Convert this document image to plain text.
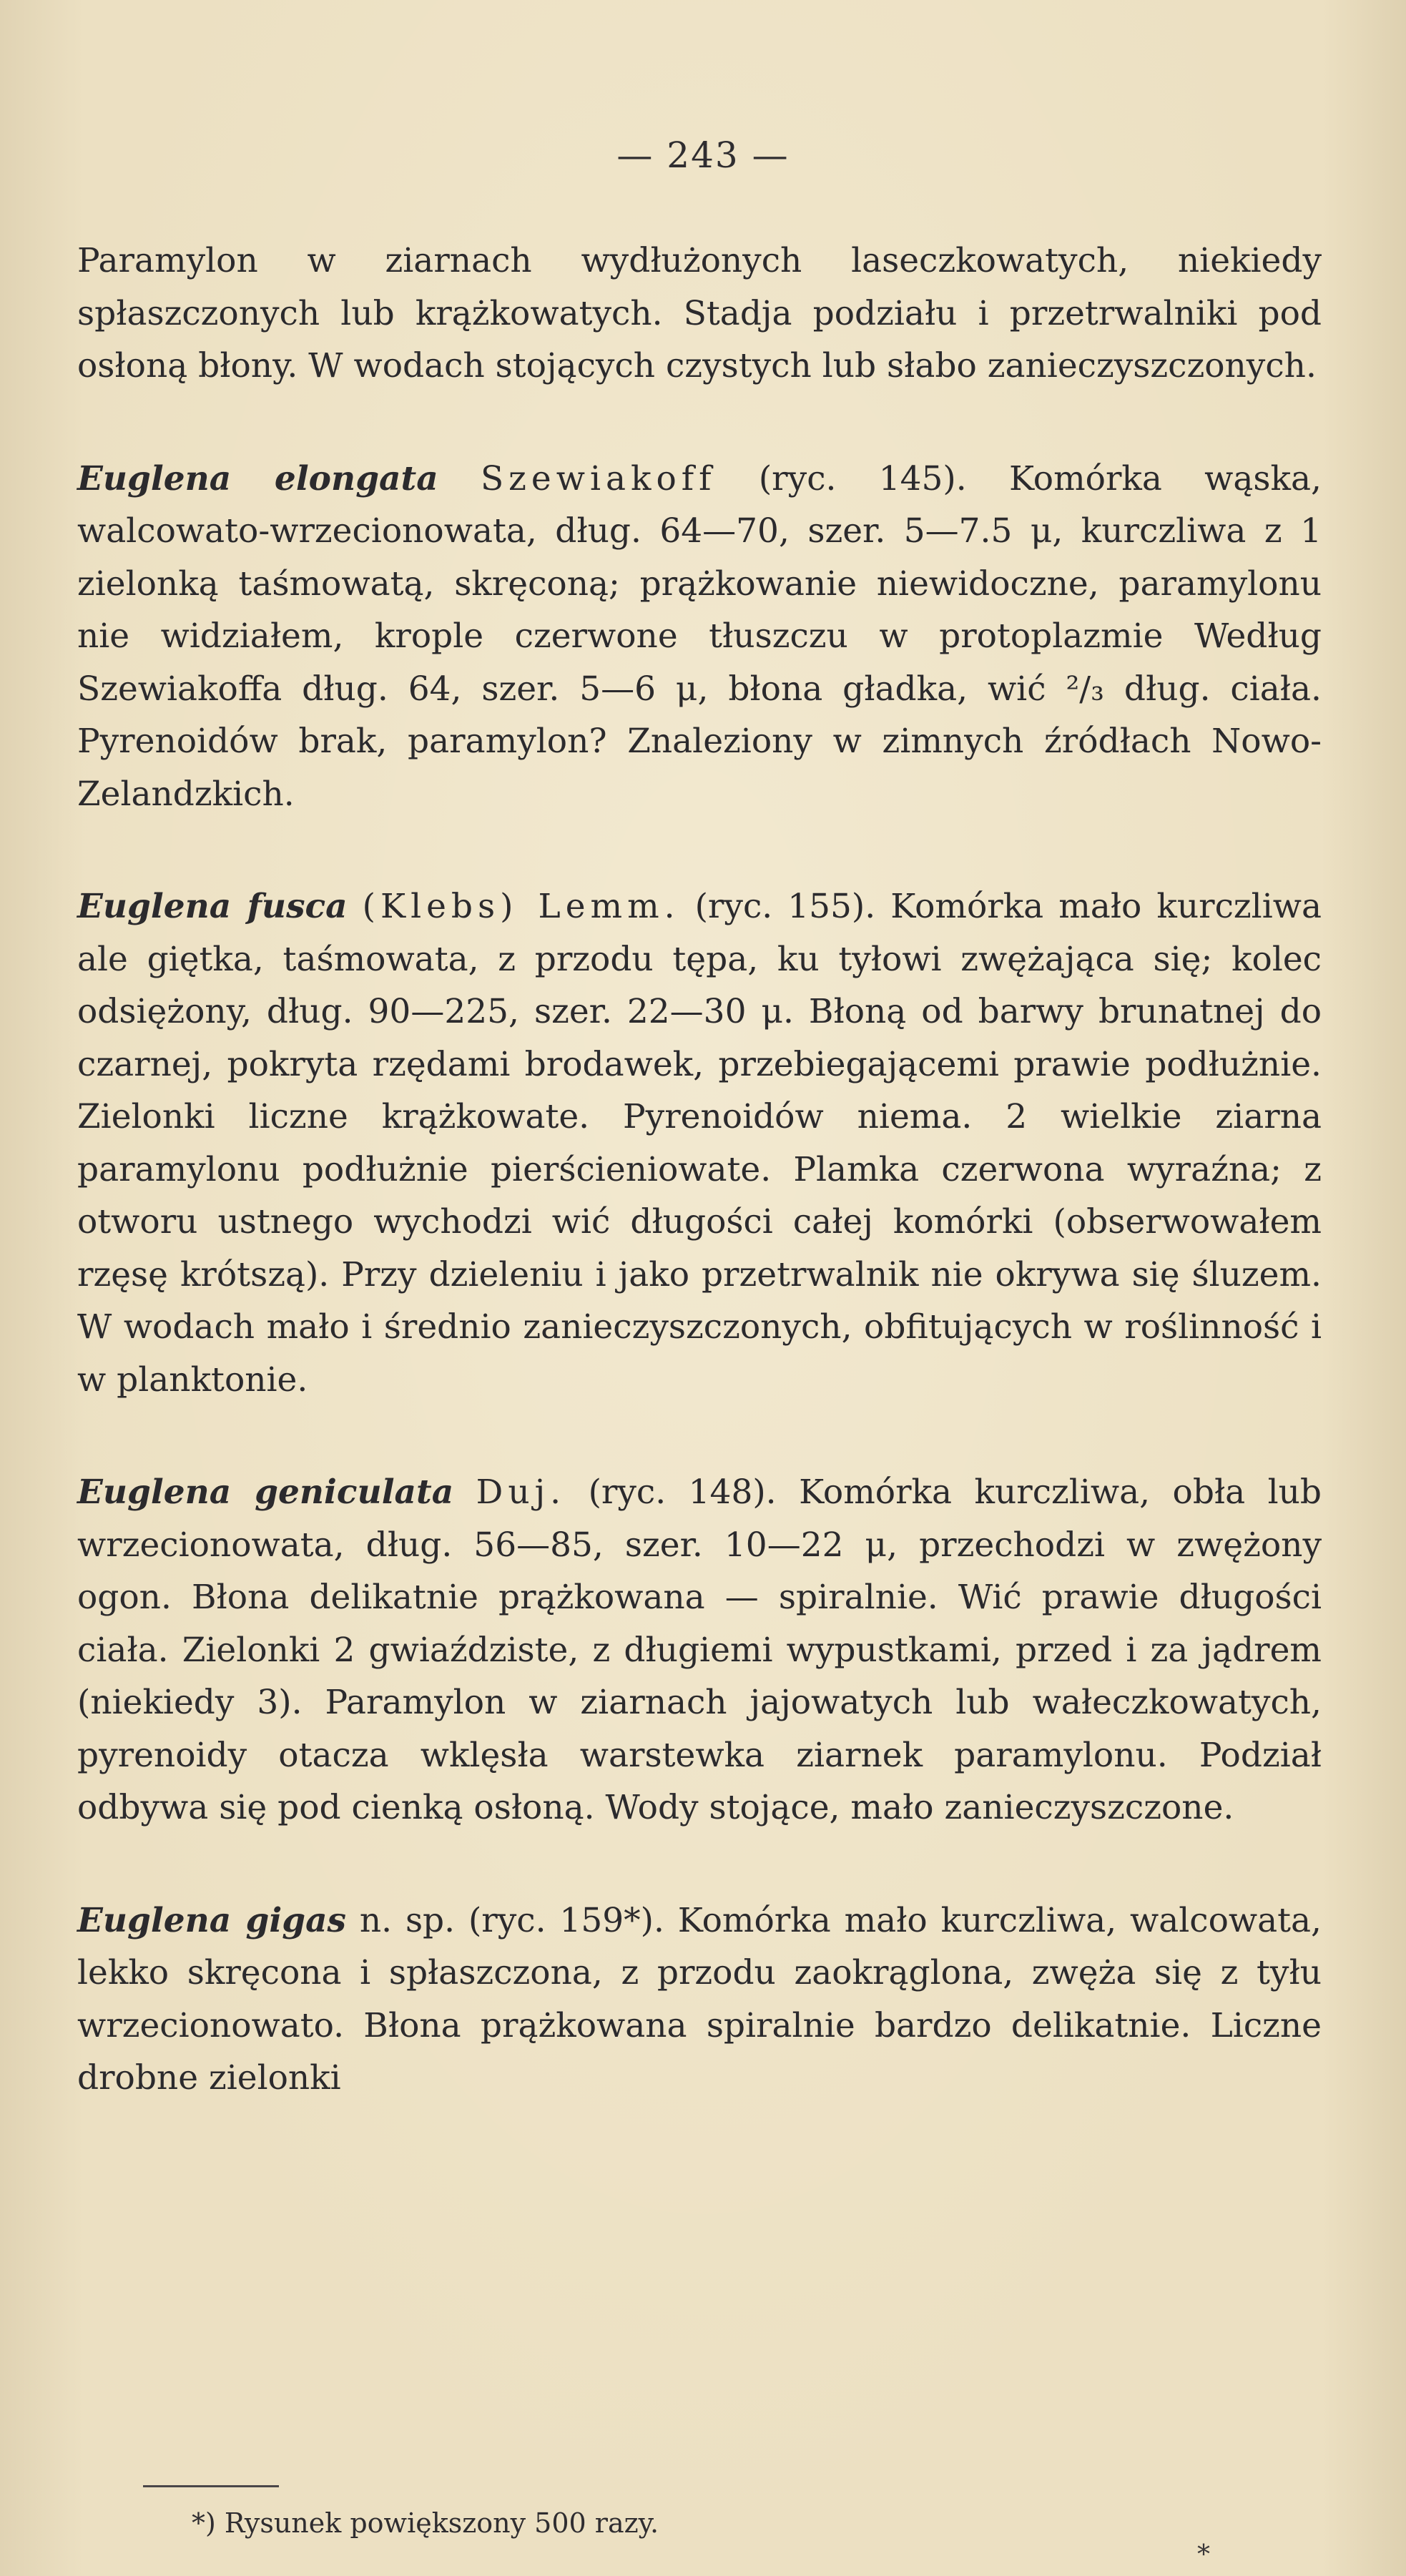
— 243 —

Paramylon w ziarnach wydłużonych laseczkowatych, niekiedy spłaszczonych lub krążkowatych. Stadja podziału i przetrwalniki pod osłoną błony. W wodach stojących czystych lub słabo zanieczyszczonych.

Euglena elongata Szewiakoff (ryc. 145). Komórka wąska, walcowato-wrzecionowata, dług. 64—70, szer. 5—7.5 μ, kurczliwa z 1 zielonką taśmowatą, skręconą; prążkowanie niewidoczne, paramylonu nie widziałem, krople czerwone tłuszczu w protoplazmie Według Szewiakoffa dług. 64, szer. 5—6 μ, błona gładka, wić ²/₃ dług. ciała. Pyrenoidów brak, paramylon? Znaleziony w zimnych źródłach Nowo-Zelandzkich.

Euglena fusca (Klebs) Lemm. (ryc. 155). Komórka mało kurczliwa ale giętka, taśmowata, z przodu tępa, ku tyłowi zwężająca się; kolec odsiężony, dług. 90—225, szer. 22—30 μ. Błoną od barwy brunatnej do czarnej, pokryta rzędami brodawek, przebiegającemi prawie podłużnie. Zielonki liczne krążkowate. Pyrenoidów niema. 2 wielkie ziarna paramylonu podłużnie pierścieniowate. Plamka czerwona wyraźna; z otworu ustnego wychodzi wić długości całej komórki (obserwowałem rzęsę krótszą). Przy dzieleniu i jako przetrwalnik nie okrywa się śluzem. W wodach mało i średnio zanieczyszczonych, obfitujących w roślinność i w planktonie.

Euglena geniculata Duj. (ryc. 148). Komórka kurczliwa, obła lub wrzecionowata, dług. 56—85, szer. 10—22 μ, przechodzi w zwężony ogon. Błona delikatnie prążkowana — spiralnie. Wić prawie długości ciała. Zielonki 2 gwiaździste, z długiemi wypustkami, przed i za jądrem (niekiedy 3). Paramylon w ziarnach jajowatych lub wałeczkowatych, pyrenoidy otacza wklęsła warstewka ziarnek paramylonu. Podział odbywa się pod cienką osłoną. Wody stojące, mało zanieczyszczone.

Euglena gigas n. sp. (ryc. 159*). Komórka mało kurczliwa, walcowata, lekko skręcona i spłaszczona, z przodu zaokrąglona, zwęża się z tyłu wrzecionowato. Błona prążkowana spiralnie bardzo delikatnie. Liczne drobne zielonki

*) Rysunek powiększony 500 razy.
*
